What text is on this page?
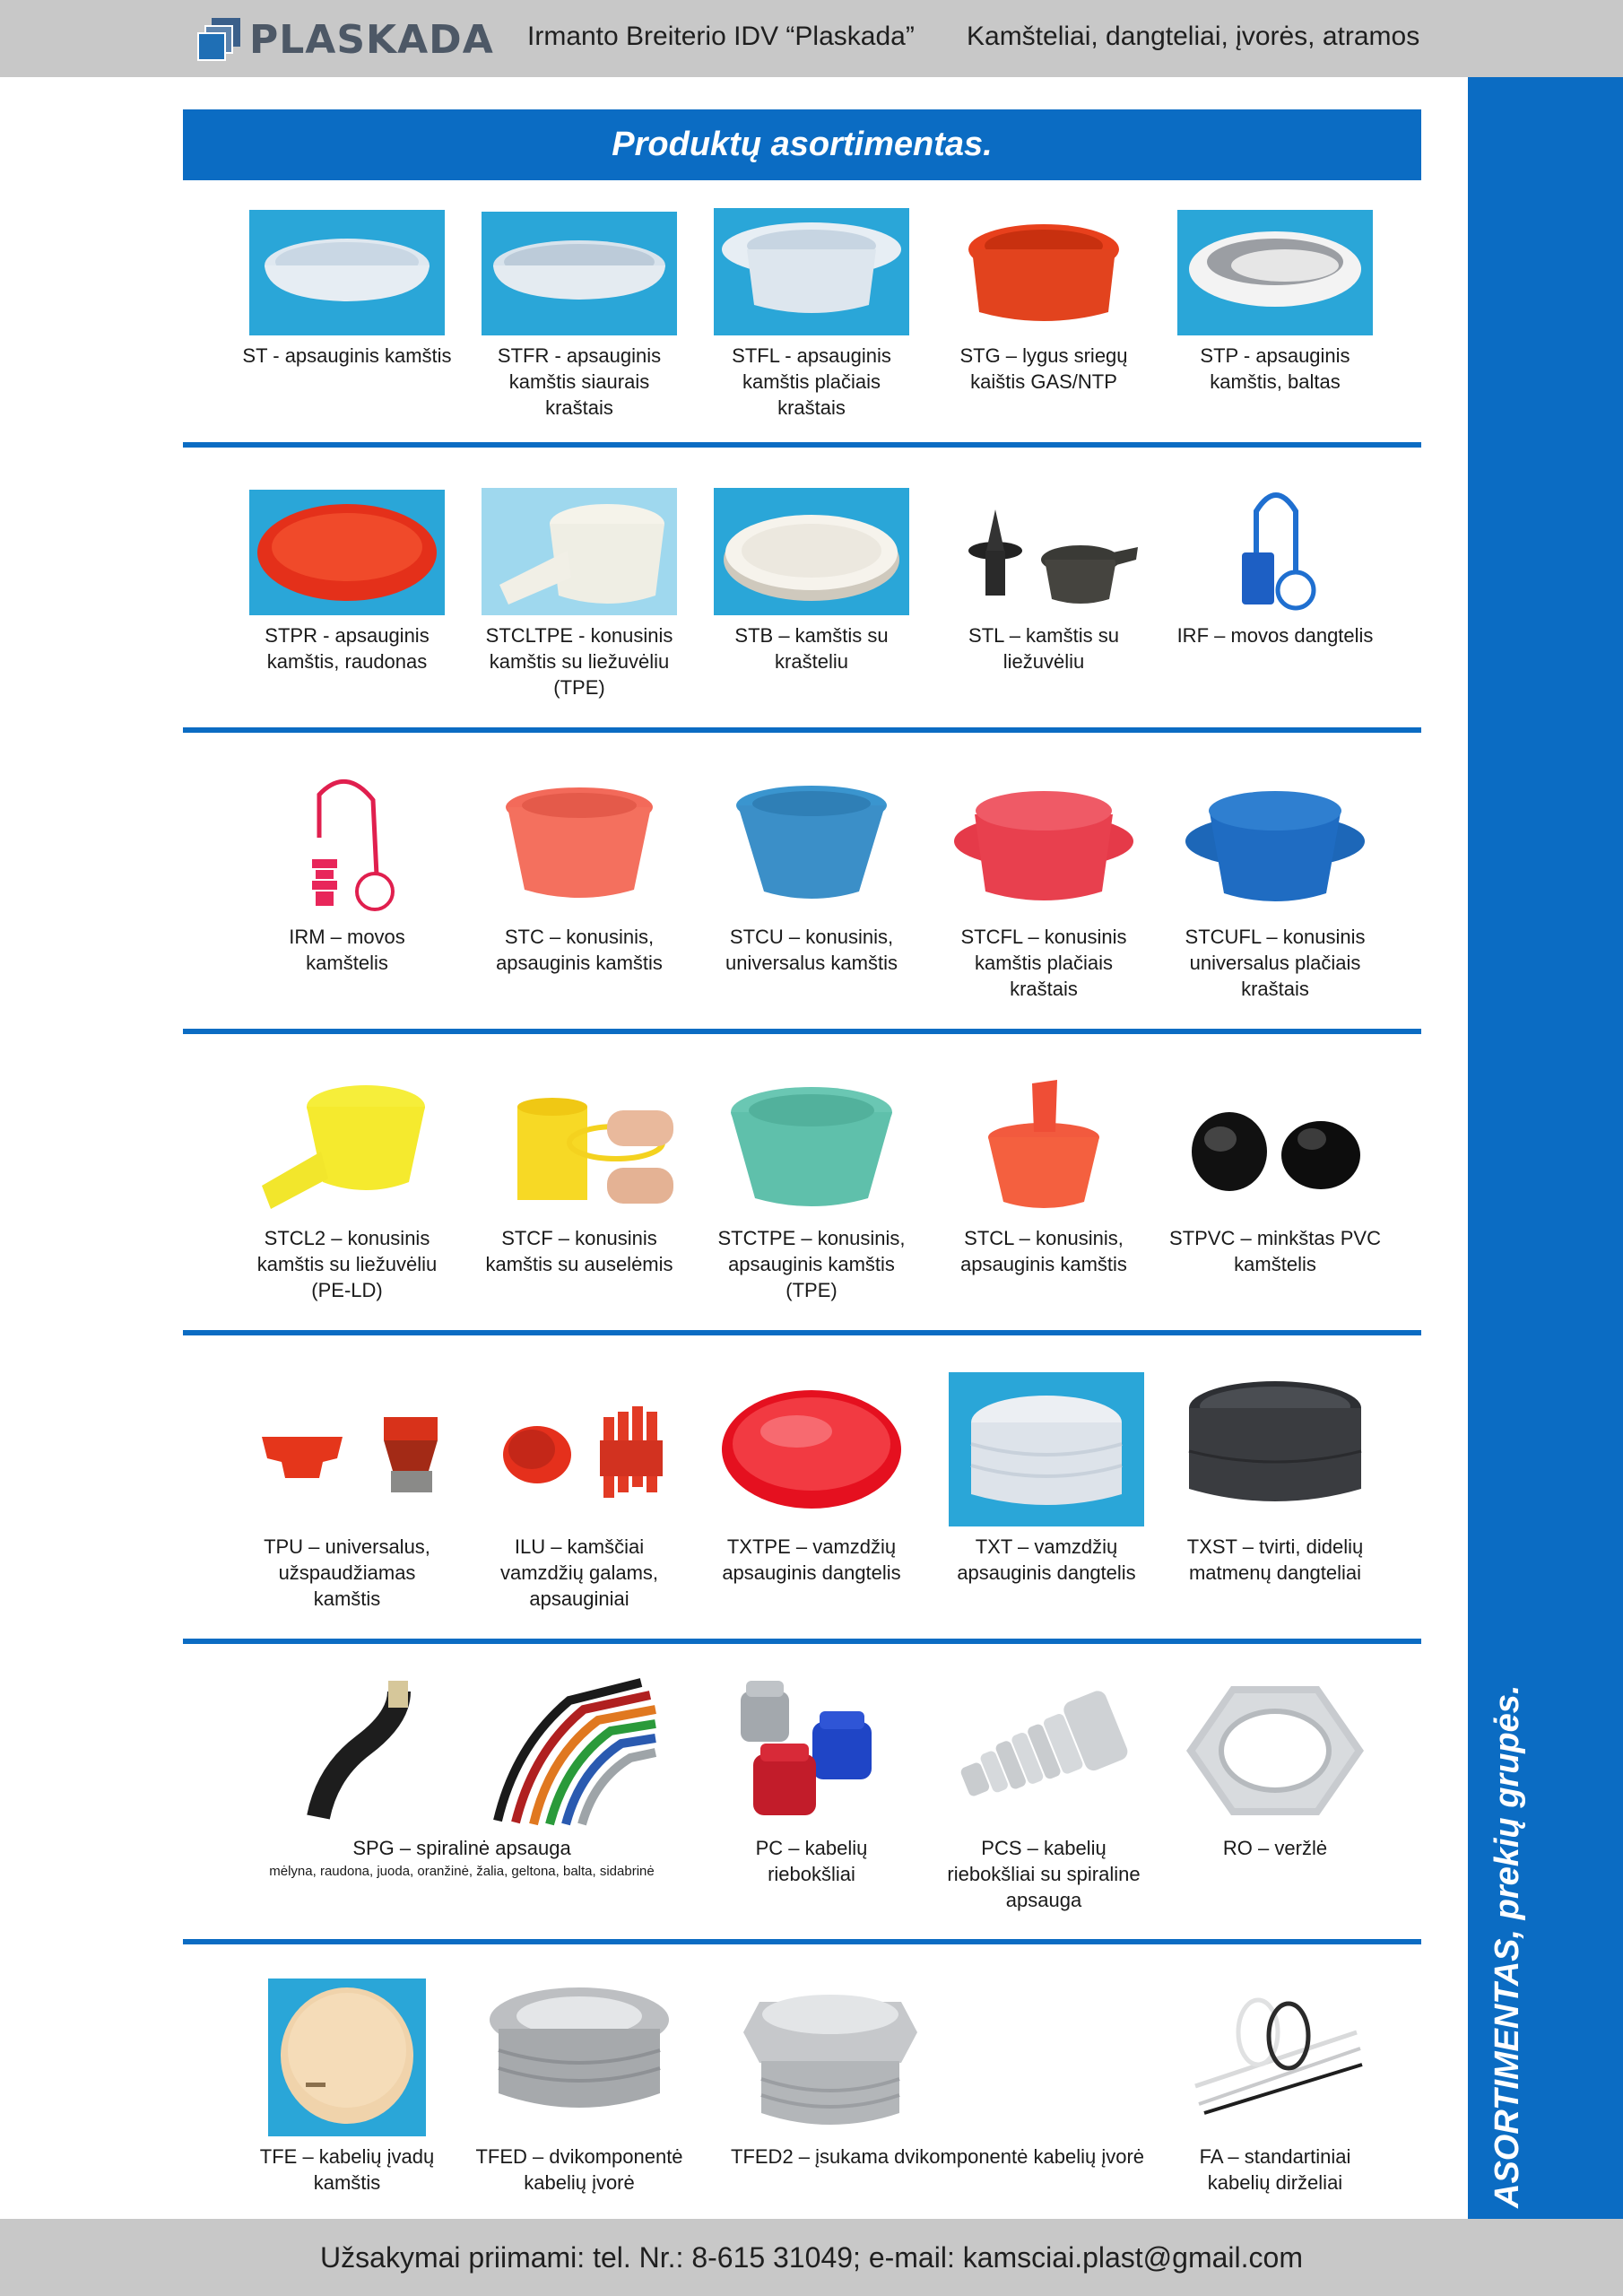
PLASKADA Irmanto Breiterio IDV “Plaskada” Kamšteliai, dangteliai, įvorės, atramos
ASORTIMENTAS, prekių grupės.
Produktų asortimentas.
ST - apsauginis kamštis	STFR - apsauginis
kamštis siaurais
kraštais
STFL - apsauginis
kamštis plačiais
kraštais
STG – lygus sriegų
kaištis GAS/NTP
STP - apsauginis
kamštis, baltas
STPR - apsauginis
kamštis, raudonas
STCLTPE - konusinis
kamštis su liežuvėliu
(TPE)
STB – kamštis su
krašteliu
STL – kamštis su
liežuvėliu
IRF – movos dangtelis
IRM – movos
kamštelis
STC – konusinis,
apsauginis kamštis
STCU – konusinis,
universalus kamštis
STCFL – konusinis
kamštis plačiais
kraštais
STCUFL – konusinis
universalus plačiais
kraštais
STCL2 – konusinis
kamštis su liežuvėliu
(PE-LD)
STCF – konusinis
kamštis su auselėmis
STCTPE – konusinis,
apsauginis kamštis
(TPE)
STCL – konusinis,
apsauginis kamštis
STPVC – minkštas PVC
kamštelis
TPU – universalus,
užspaudžiamas
kamštis
ILU – kamščiai
vamzdžių galams,
apsauginiai
TXTPE – vamzdžių
apsauginis dangtelis
TXT – vamzdžių
apsauginis dangtelis
TXST – tvirti, didelių
matmenų dangteliai
SPG – spiralinė apsauga
mėlyna, raudona, juoda, oranžinė, žalia, geltona, balta, sidabrinė
PC – kabelių
riebokšliai
PCS – kabelių
riebokšliai su spiraline
apsauga
RO – veržlė
TFE – kabelių įvadų
kamštis
TFED – dvikomponentė
kabelių įvorė
TFED2 – įsukama dvikomponentė kabelių įvorė	FA – standartiniai
kabelių dirželiai
Užsakymai priimami: tel. Nr.: 8-615 31049; e-mail: kamsciai.plast@gmail.com
